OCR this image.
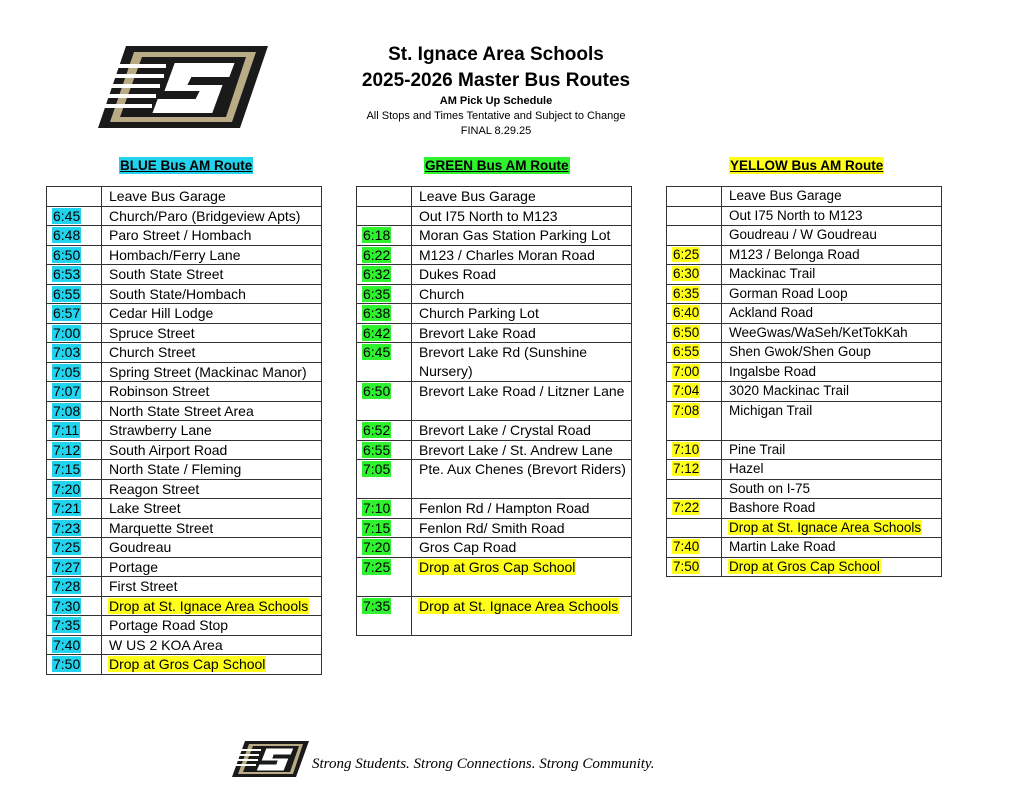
St. Ignace Area Schools
2025-2026 Master Bus Routes
AM Pick Up Schedule
All Stops and Times Tentative and Subject to Change
FINAL 8.29.25
BLUE Bus AM Route	GREEN Bus AM Route	YELLOW Bus AM Route
	Leave Bus Garage
6:45	Church/Paro (Bridgeview Apts)
6:48	Paro Street / Hombach
6:50	Hombach/Ferry Lane
6:53	South State Street
6:55	South State/Hombach
6:57	Cedar Hill Lodge
7:00	Spruce Street
7:03	Church Street
7:05	Spring Street (Mackinac Manor)
7:07	Robinson Street
7:08	North State Street Area
7:11	Strawberry Lane
7:12	South Airport Road
7:15	North State / Fleming
7:20	Reagon Street
7:21	Lake Street
7:23	Marquette Street
7:25	Goudreau
7:27	Portage
7:28	First Street
7:30	Drop at St. Ignace Area Schools
7:35	Portage Road Stop
7:40	W US 2 KOA Area
7:50	Drop at Gros Cap School
	Leave Bus Garage
	Out I75 North to M123
6:18	Moran Gas Station Parking Lot
6:22	M123 / Charles Moran Road
6:32	Dukes Road
6:35	Church
6:38	Church Parking Lot
6:42	Brevort Lake Road
6:45	Brevort Lake Rd (Sunshine Nursery)
6:50	Brevort Lake Road / Litzner Lane
6:52	Brevort Lake / Crystal Road
6:55	Brevort Lake / St. Andrew Lane
7:05	Pte. Aux Chenes (Brevort Riders)
7:10	Fenlon Rd / Hampton Road
7:15	Fenlon Rd/ Smith Road
7:20	Gros Cap Road
7:25	Drop at Gros Cap School
7:35	Drop at St. Ignace Area Schools
	Leave Bus Garage
	Out I75 North to M123
	Goudreau / W Goudreau
6:25	M123 / Belonga Road
6:30	Mackinac Trail
6:35	Gorman Road Loop
6:40	Ackland Road
6:50	WeeGwas/WaSeh/KetTokKah
6:55	Shen Gwok/Shen Goup
7:00	Ingalsbe Road
7:04	3020 Mackinac Trail
7:08	Michigan Trail
7:10	Pine Trail
7:12	Hazel
	South on I-75
7:22	Bashore Road
	Drop at St. Ignace Area Schools
7:40	Martin Lake Road
7:50	Drop at Gros Cap School
Strong Students. Strong Connections. Strong Community.
